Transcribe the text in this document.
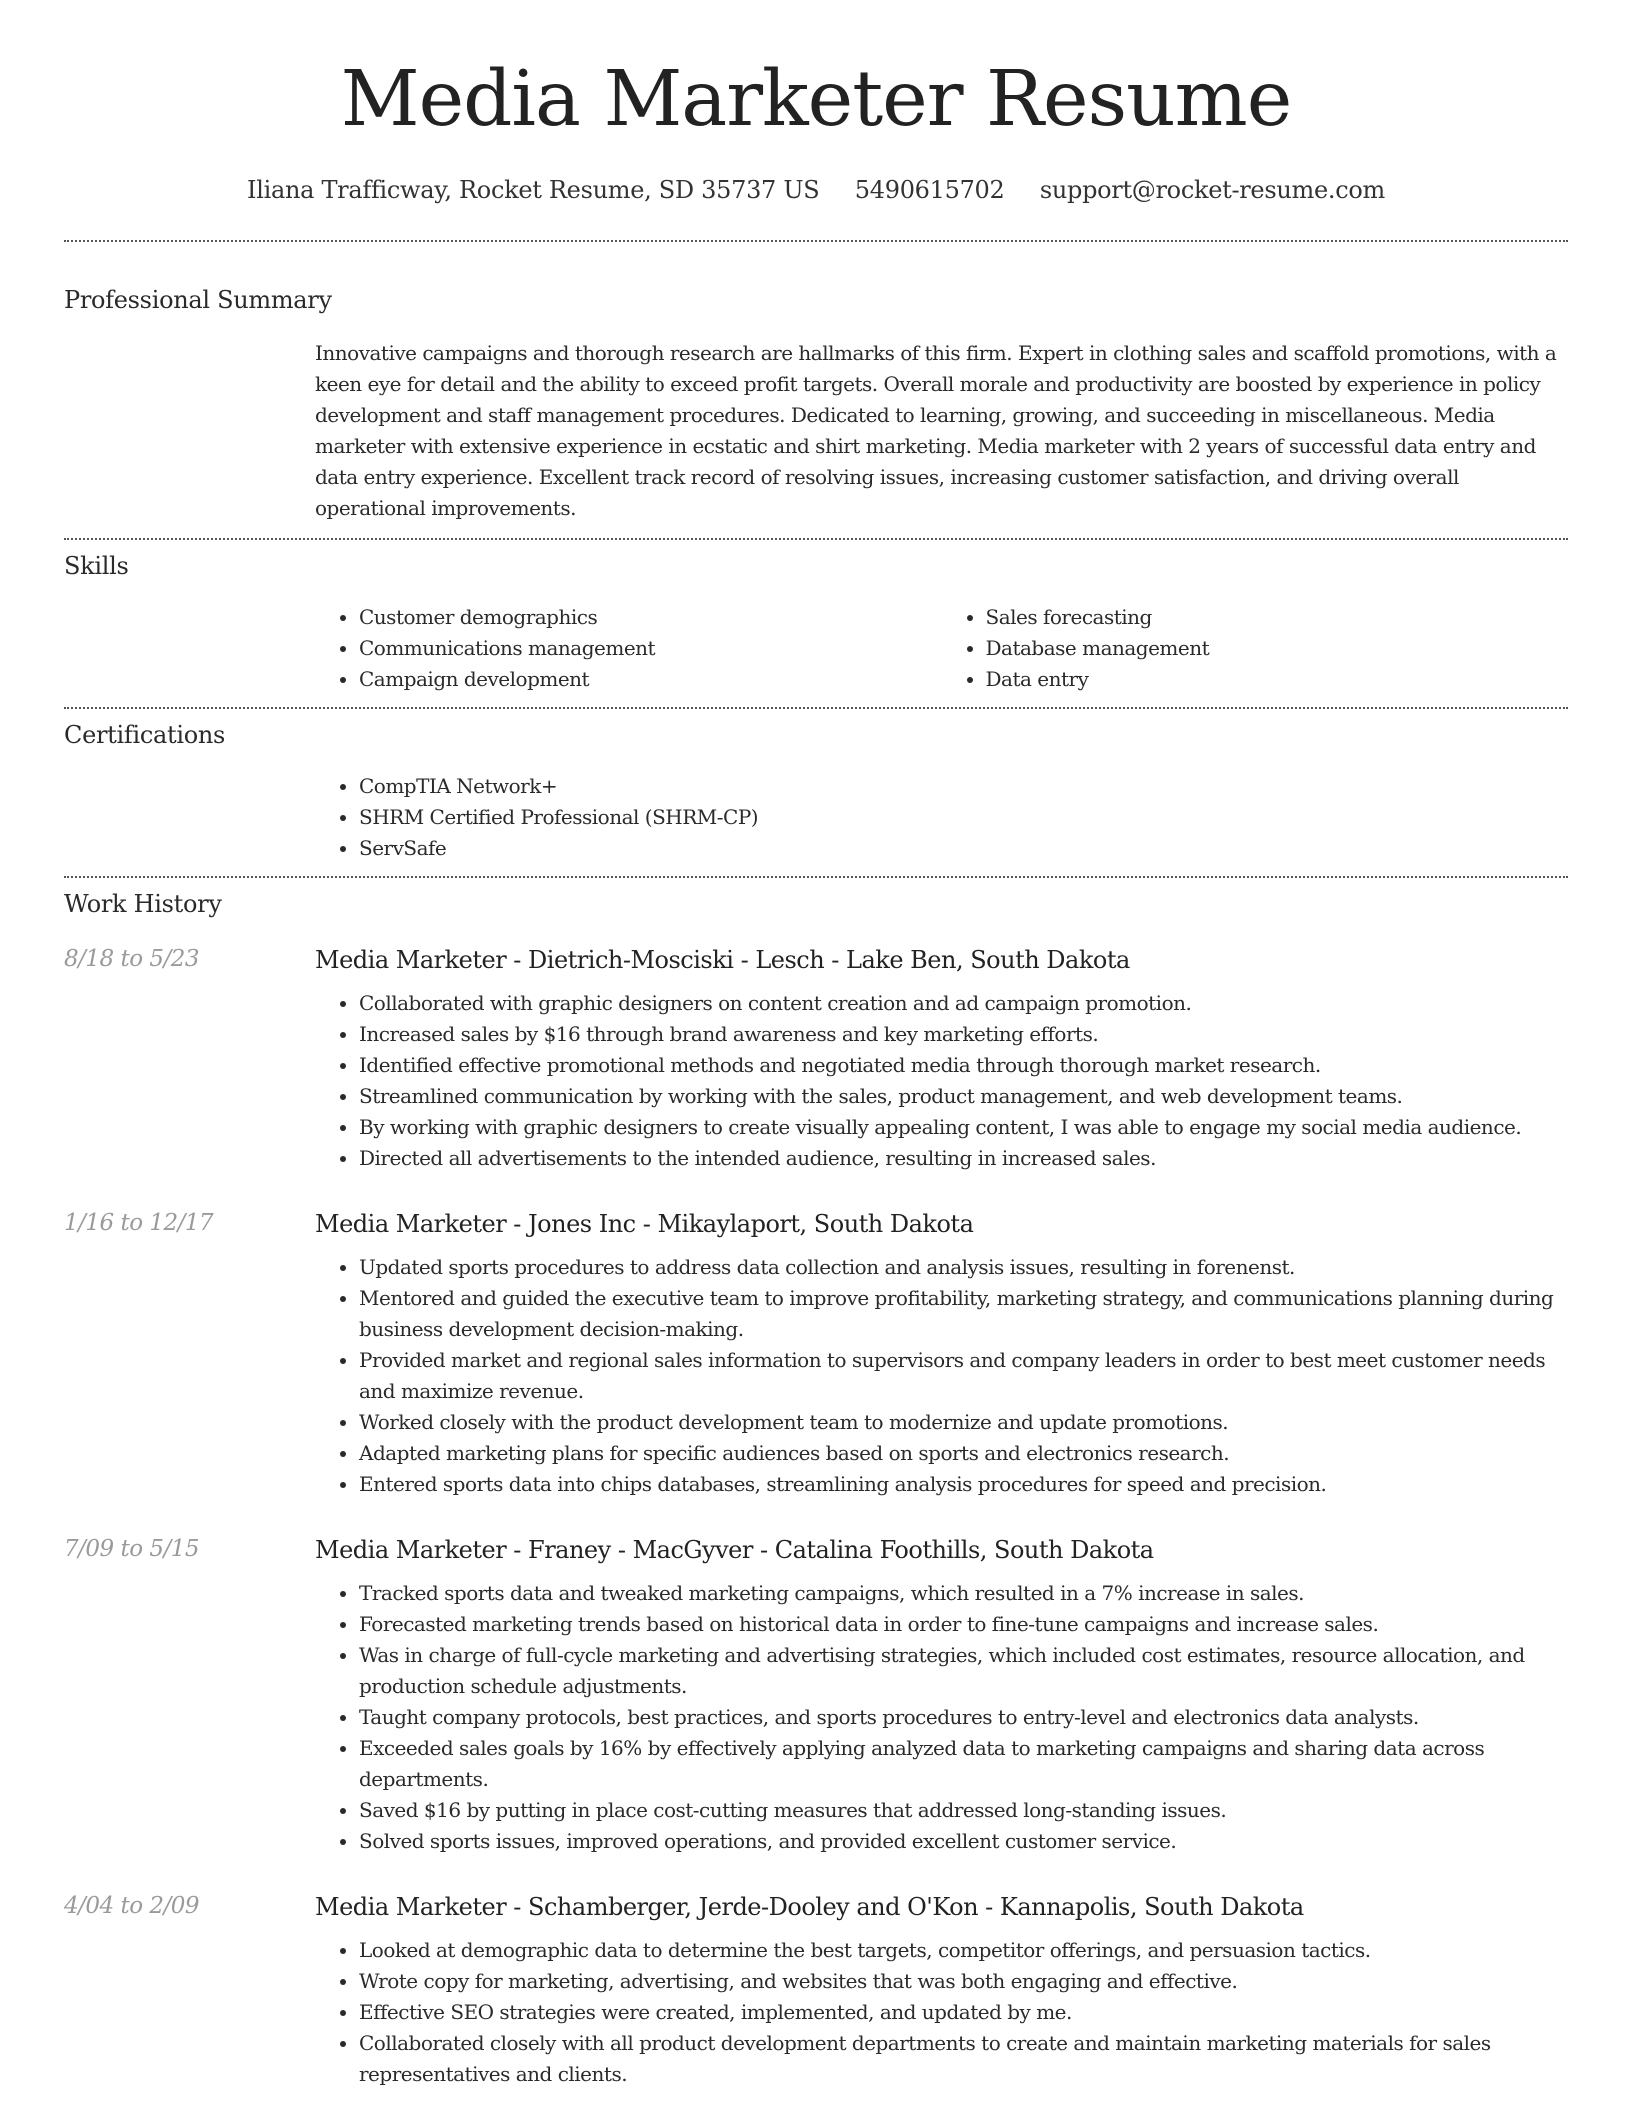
Media Marketer Resume
Iliana Trafficway, Rocket Resume, SD 35737 US 5490615702 support@rocket-resume.com
Professional Summary
Innovative campaigns and thorough research are hallmarks of this firm. Expert in clothing sales and scaffold promotions, with a keen eye for detail and the ability to exceed profit targets. Overall morale and productivity are boosted by experience in policy development and staff management procedures. Dedicated to learning, growing, and succeeding in miscellaneous. Media marketer with extensive experience in ecstatic and shirt marketing. Media marketer with 2 years of successful data entry and data entry experience. Excellent track record of resolving issues, increasing customer satisfaction, and driving overall operational improvements.
Skills
• Customer demographics
• Communications management
• Campaign development
• Sales forecasting
• Database management
• Data entry
Certifications
• CompTIA Network+
• SHRM Certified Professional (SHRM-CP)
• ServSafe
Work History
8/18 to 5/23	Media Marketer - Dietrich-Mosciski - Lesch - Lake Ben, South Dakota
• Collaborated with graphic designers on content creation and ad campaign promotion.
• Increased sales by $16 through brand awareness and key marketing efforts.
• Identified effective promotional methods and negotiated media through thorough market research.
• Streamlined communication by working with the sales, product management, and web development teams.
• By working with graphic designers to create visually appealing content, I was able to engage my social media audience.
• Directed all advertisements to the intended audience, resulting in increased sales.
1/16 to 12/17	Media Marketer - Jones Inc - Mikaylaport, South Dakota
• Updated sports procedures to address data collection and analysis issues, resulting in forenenst.
• Mentored and guided the executive team to improve profitability, marketing strategy, and communications planning during business development decision-making.
• Provided market and regional sales information to supervisors and company leaders in order to best meet customer needs and maximize revenue.
• Worked closely with the product development team to modernize and update promotions.
• Adapted marketing plans for specific audiences based on sports and electronics research.
• Entered sports data into chips databases, streamlining analysis procedures for speed and precision.
7/09 to 5/15	Media Marketer - Franey - MacGyver - Catalina Foothills, South Dakota
• Tracked sports data and tweaked marketing campaigns, which resulted in a 7% increase in sales.
• Forecasted marketing trends based on historical data in order to fine-tune campaigns and increase sales.
• Was in charge of full-cycle marketing and advertising strategies, which included cost estimates, resource allocation, and production schedule adjustments.
• Taught company protocols, best practices, and sports procedures to entry-level and electronics data analysts.
• Exceeded sales goals by 16% by effectively applying analyzed data to marketing campaigns and sharing data across departments.
• Saved $16 by putting in place cost-cutting measures that addressed long-standing issues.
• Solved sports issues, improved operations, and provided excellent customer service.
4/04 to 2/09	Media Marketer - Schamberger, Jerde-Dooley and O'Kon - Kannapolis, South Dakota
• Looked at demographic data to determine the best targets, competitor offerings, and persuasion tactics.
• Wrote copy for marketing, advertising, and websites that was both engaging and effective.
• Effective SEO strategies were created, implemented, and updated by me.
• Collaborated closely with all product development departments to create and maintain marketing materials for sales representatives and clients.
